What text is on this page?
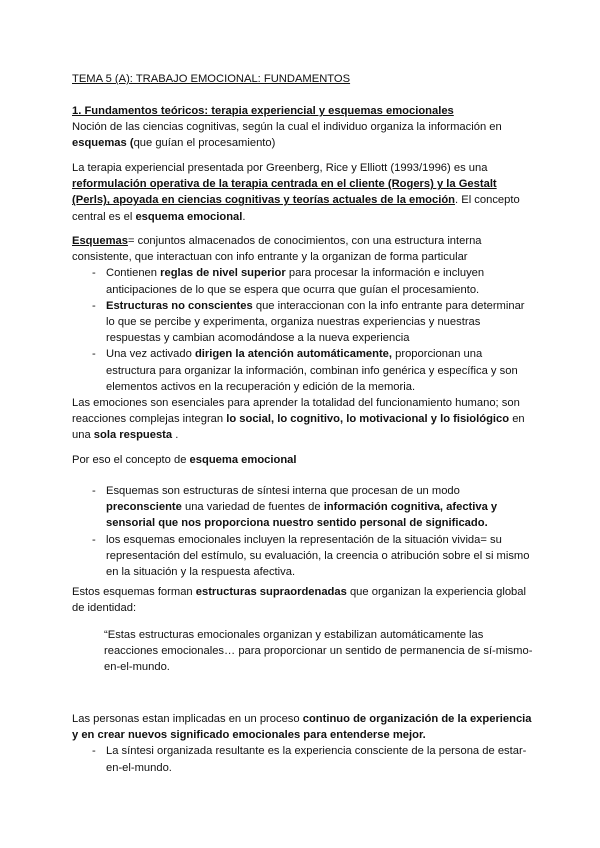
TEMA 5 (A): TRABAJO EMOCIONAL: FUNDAMENTOS
1. Fundamentos teóricos: terapia experiencial y esquemas emocionales
Noción de las ciencias cognitivas, según la cual el individuo organiza la información en esquemas (que guían el procesamiento)
La terapia experiencial presentada por Greenberg, Rice y Elliott (1993/1996) es una reformulación operativa de la terapia centrada en el cliente (Rogers) y la Gestalt (Perls), apoyada en ciencias cognitivas y teorías actuales de la emoción. El concepto central es el esquema emocional.
Esquemas= conjuntos almacenados de conocimientos, con una estructura interna consistente, que interactuan con info entrante y la organizan de forma particular
- Contienen reglas de nivel superior para procesar la información e incluyen anticipaciones de lo que se espera que ocurra que guían el procesamiento.
- Estructuras no conscientes que interaccionan con la info entrante para determinar lo que se percibe y experimenta, organiza nuestras experiencias y nuestras respuestas y cambian acomodándose a la nueva experiencia
- Una vez activado dirigen la atención automáticamente, proporcionan una estructura para organizar la información, combinan info genérica y específica y son elementos activos en la recuperación y edición de la memoria.
Las emociones son esenciales para aprender la totalidad del funcionamiento humano; son reacciones complejas integran lo social, lo cognitivo, lo motivacional y lo fisiológico en una sola respuesta .
Por eso el concepto de esquema emocional
- Esquemas son estructuras de síntesi interna que procesan de un modo preconsciente una variedad de fuentes de información cognitiva, afectiva y sensorial que nos proporciona nuestro sentido personal de significado.
- los esquemas emocionales incluyen la representación de la situación vivida= su representación del estímulo, su evaluación, la creencia o atribución sobre el si mismo en la situación y la respuesta afectiva.
Estos esquemas forman estructuras supraordenadas que organizan la experiencia global de identidad:
“Estas estructuras emocionales organizan y estabilizan automáticamente las reacciones emocionales… para proporcionar un sentido de permanencia de sí-mismo-en-el-mundo.
Las personas estan implicadas en un proceso continuo de organización de la experiencia y en crear nuevos significado emocionales para entenderse mejor.
- La síntesi organizada resultante es la experiencia consciente de la persona de estar-en-el-mundo.
